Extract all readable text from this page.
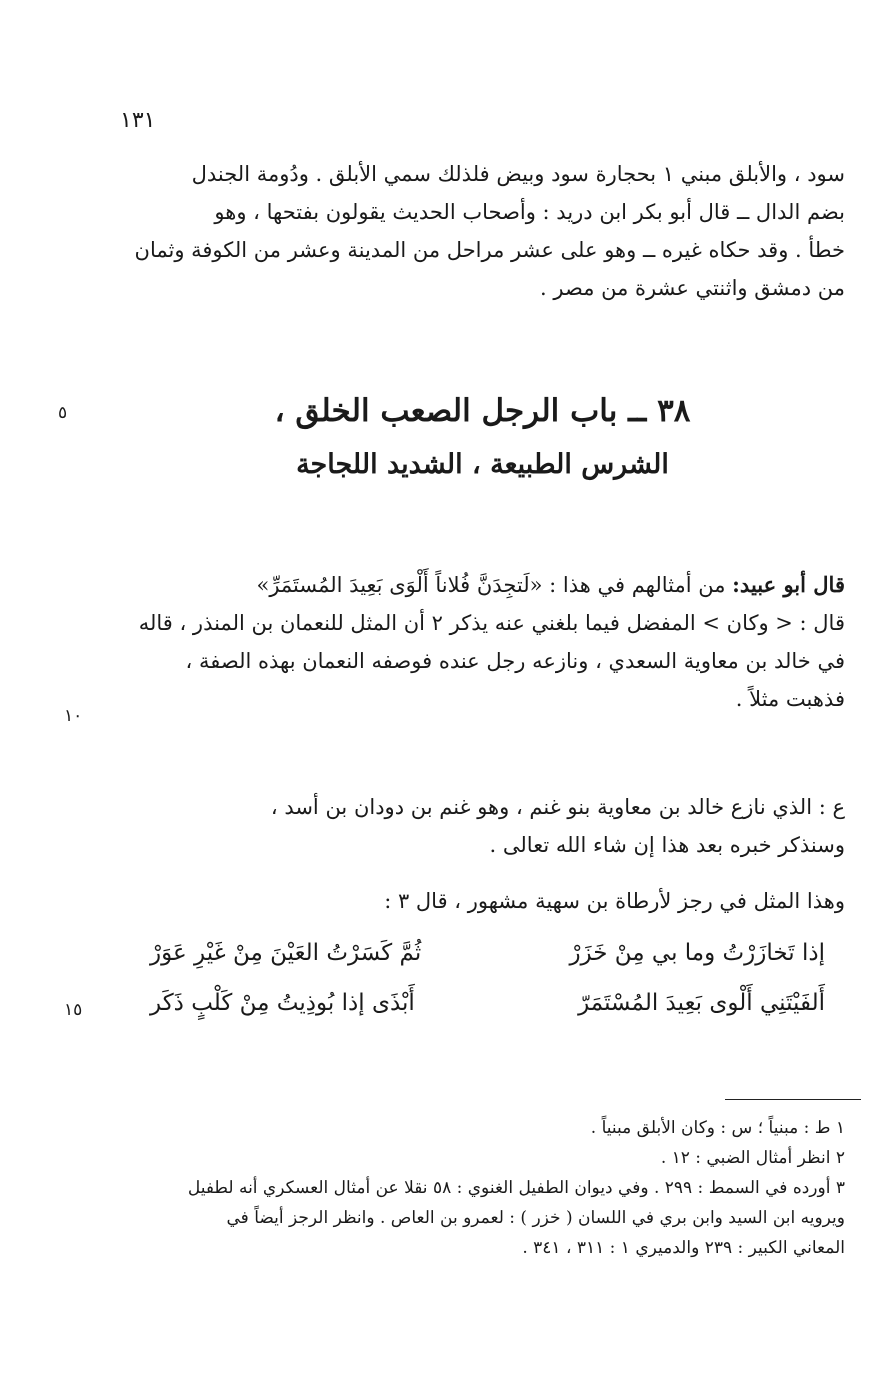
١٣١

سود ، والأبلق مبني ١ بحجارة سود وبيض فلذلك سمي الأبلق . ودُومة الجندل

بضم الدال ــ قال أبو بكر ابن دريد : وأصحاب الحديث يقولون بفتحها ، وهو

خطأ . وقد حكاه غيره ــ وهو على عشر مراحل من المدينة وعشر من الكوفة وثمان

من دمشق واثنتي عشرة من مصر .

٥	٣٨ ــ باب الرجل الصعب الخلق ،

الشرس الطبيعة ، الشديد اللجاجة

قال أبو عبيد: من أمثالهم في هذا : «لَتجِدَنَّ فُلاناً أَلْوَى بَعِيدَ المُستَمَرِّ»

قال : < وكان > المفضل فيما بلغني عنه يذكر ٢ أن المثل للنعمان بن المنذر ، قاله

في خالد بن معاوية السعدي ، ونازعه رجل عنده فوصفه النعمان بهذه الصفة ،

فذهبت مثلاً .

١٠

ع : الذي نازع خالد بن معاوية بنو غنم ، وهو غنم بن دودان بن أسد ،

وسنذكر خبره بعد هذا إن شاء الله تعالى .

وهذا المثل في رجز لأرطاة بن سهية مشهور ، قال ٣ :

إذا تَخازَرْتُ وما بي مِنْ خَزَرْ
ثُمَّ كَسَرْتُ العَيْنَ مِنْ غَيْرِ عَوَرْ
أَلفَيْتَنِي أَلْوى بَعِيدَ المُسْتَمَرّ
أَبْذَى إذا بُوذِيتُ مِنْ كَلْبٍ ذَكَر
١٥

١ ط : مبنياً ؛ س : وكان الأبلق مبنياً .

٢ انظر أمثال الضبي : ١٢ .

٣ أورده في السمط : ٢٩٩ . وفي ديوان الطفيل الغنوي : ٥٨ نقلا عن أمثال العسكري أنه لطفيل

ويرويه ابن السيد وابن بري في اللسان ( خزر ) : لعمرو بن العاص . وانظر الرجز أيضاً في

المعاني الكبير : ٢٣٩ والدميري ١ : ٣١١ ، ٣٤١ .
